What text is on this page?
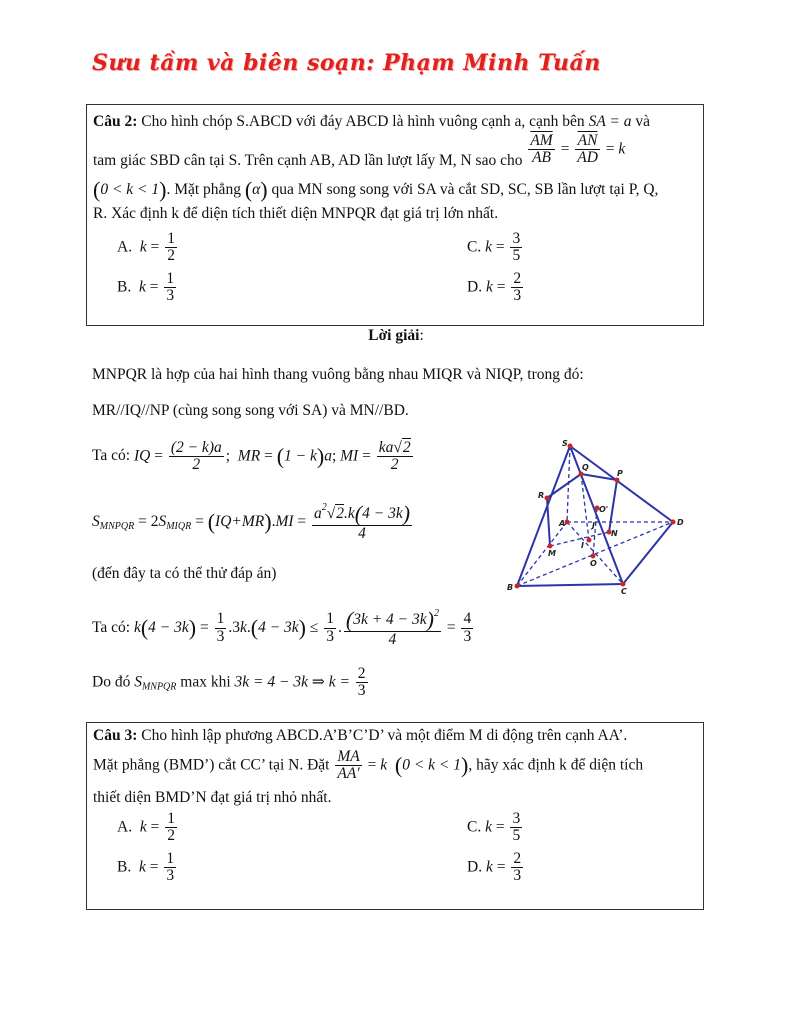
Sưu tầm và biên soạn: Phạm Minh Tuấn
Câu 2: Cho hình chóp S.ABCD với đáy ABCD là hình vuông cạnh a, cạnh bên SA = a và
tam giác SBD cân tại S. Trên cạnh AB, AD lần lượt lấy M, N sao cho $\frac{\overline{AM}}{AB} = \frac{\overline{AN}}{AD} = k$
(0 < k < 1). Mặt phẳng (α) qua MN song song với SA và cắt SD, SC, SB lần lượt tại P, Q,
R. Xác định k để diện tích thiết diện MNPQR đạt giá trị lớn nhất.
A. $k = \frac{1}{2}$	C. $k = \frac{3}{5}$
B. $k = \frac{1}{3}$	D. $k = \frac{2}{3}$
Lời giải:
MNPQR là hợp của hai hình thang vuông bằng nhau MIQR và NIQP, trong đó:
MR//IQ//NP (cùng song song với SA) và MN//BD.
Ta có: IQ = $\frac{(2 - k)a}{2}$ ;  MR = (1 − k)a; MI = $\frac{ka√2}{2}$
$S_{MNPQR} = 2S_{MIQR} = (IQ+MR).MI = \frac{a^2√2.k(4 - 3k)}{4}$
(đến đây ta có thể thử đáp án)
Ta có: $k(4 - 3k) = \frac{1}{3} .3k.(4 - 3k) \le \frac{1}{3}$ . $\frac{(3k + 4 - 3k)^2}{4} = \frac{4}{3}$
Do đó $S_{MNPQR}$ max khi 3k = 4 − 3k ⇒ $k = \frac{2}{3}$
S
Q
P
R
O'
A	J
N
D
M
I
O
B	C
Câu 3: Cho hình lập phương ABCD.A’B’C’D’ và một điểm M di động trên cạnh AA’.
Mặt phẳng (BMD’) cắt CC’ tại N. Đặt $\frac{MA}{AA'} = k$ (0 < k < 1), hãy xác định k để diện tích
thiết diện BMD’N đạt giá trị nhỏ nhất.
A. $k = \frac{1}{2}$	C. $k = \frac{3}{5}$
B. $k = \frac{1}{3}$	D. $k = \frac{2}{3}$
